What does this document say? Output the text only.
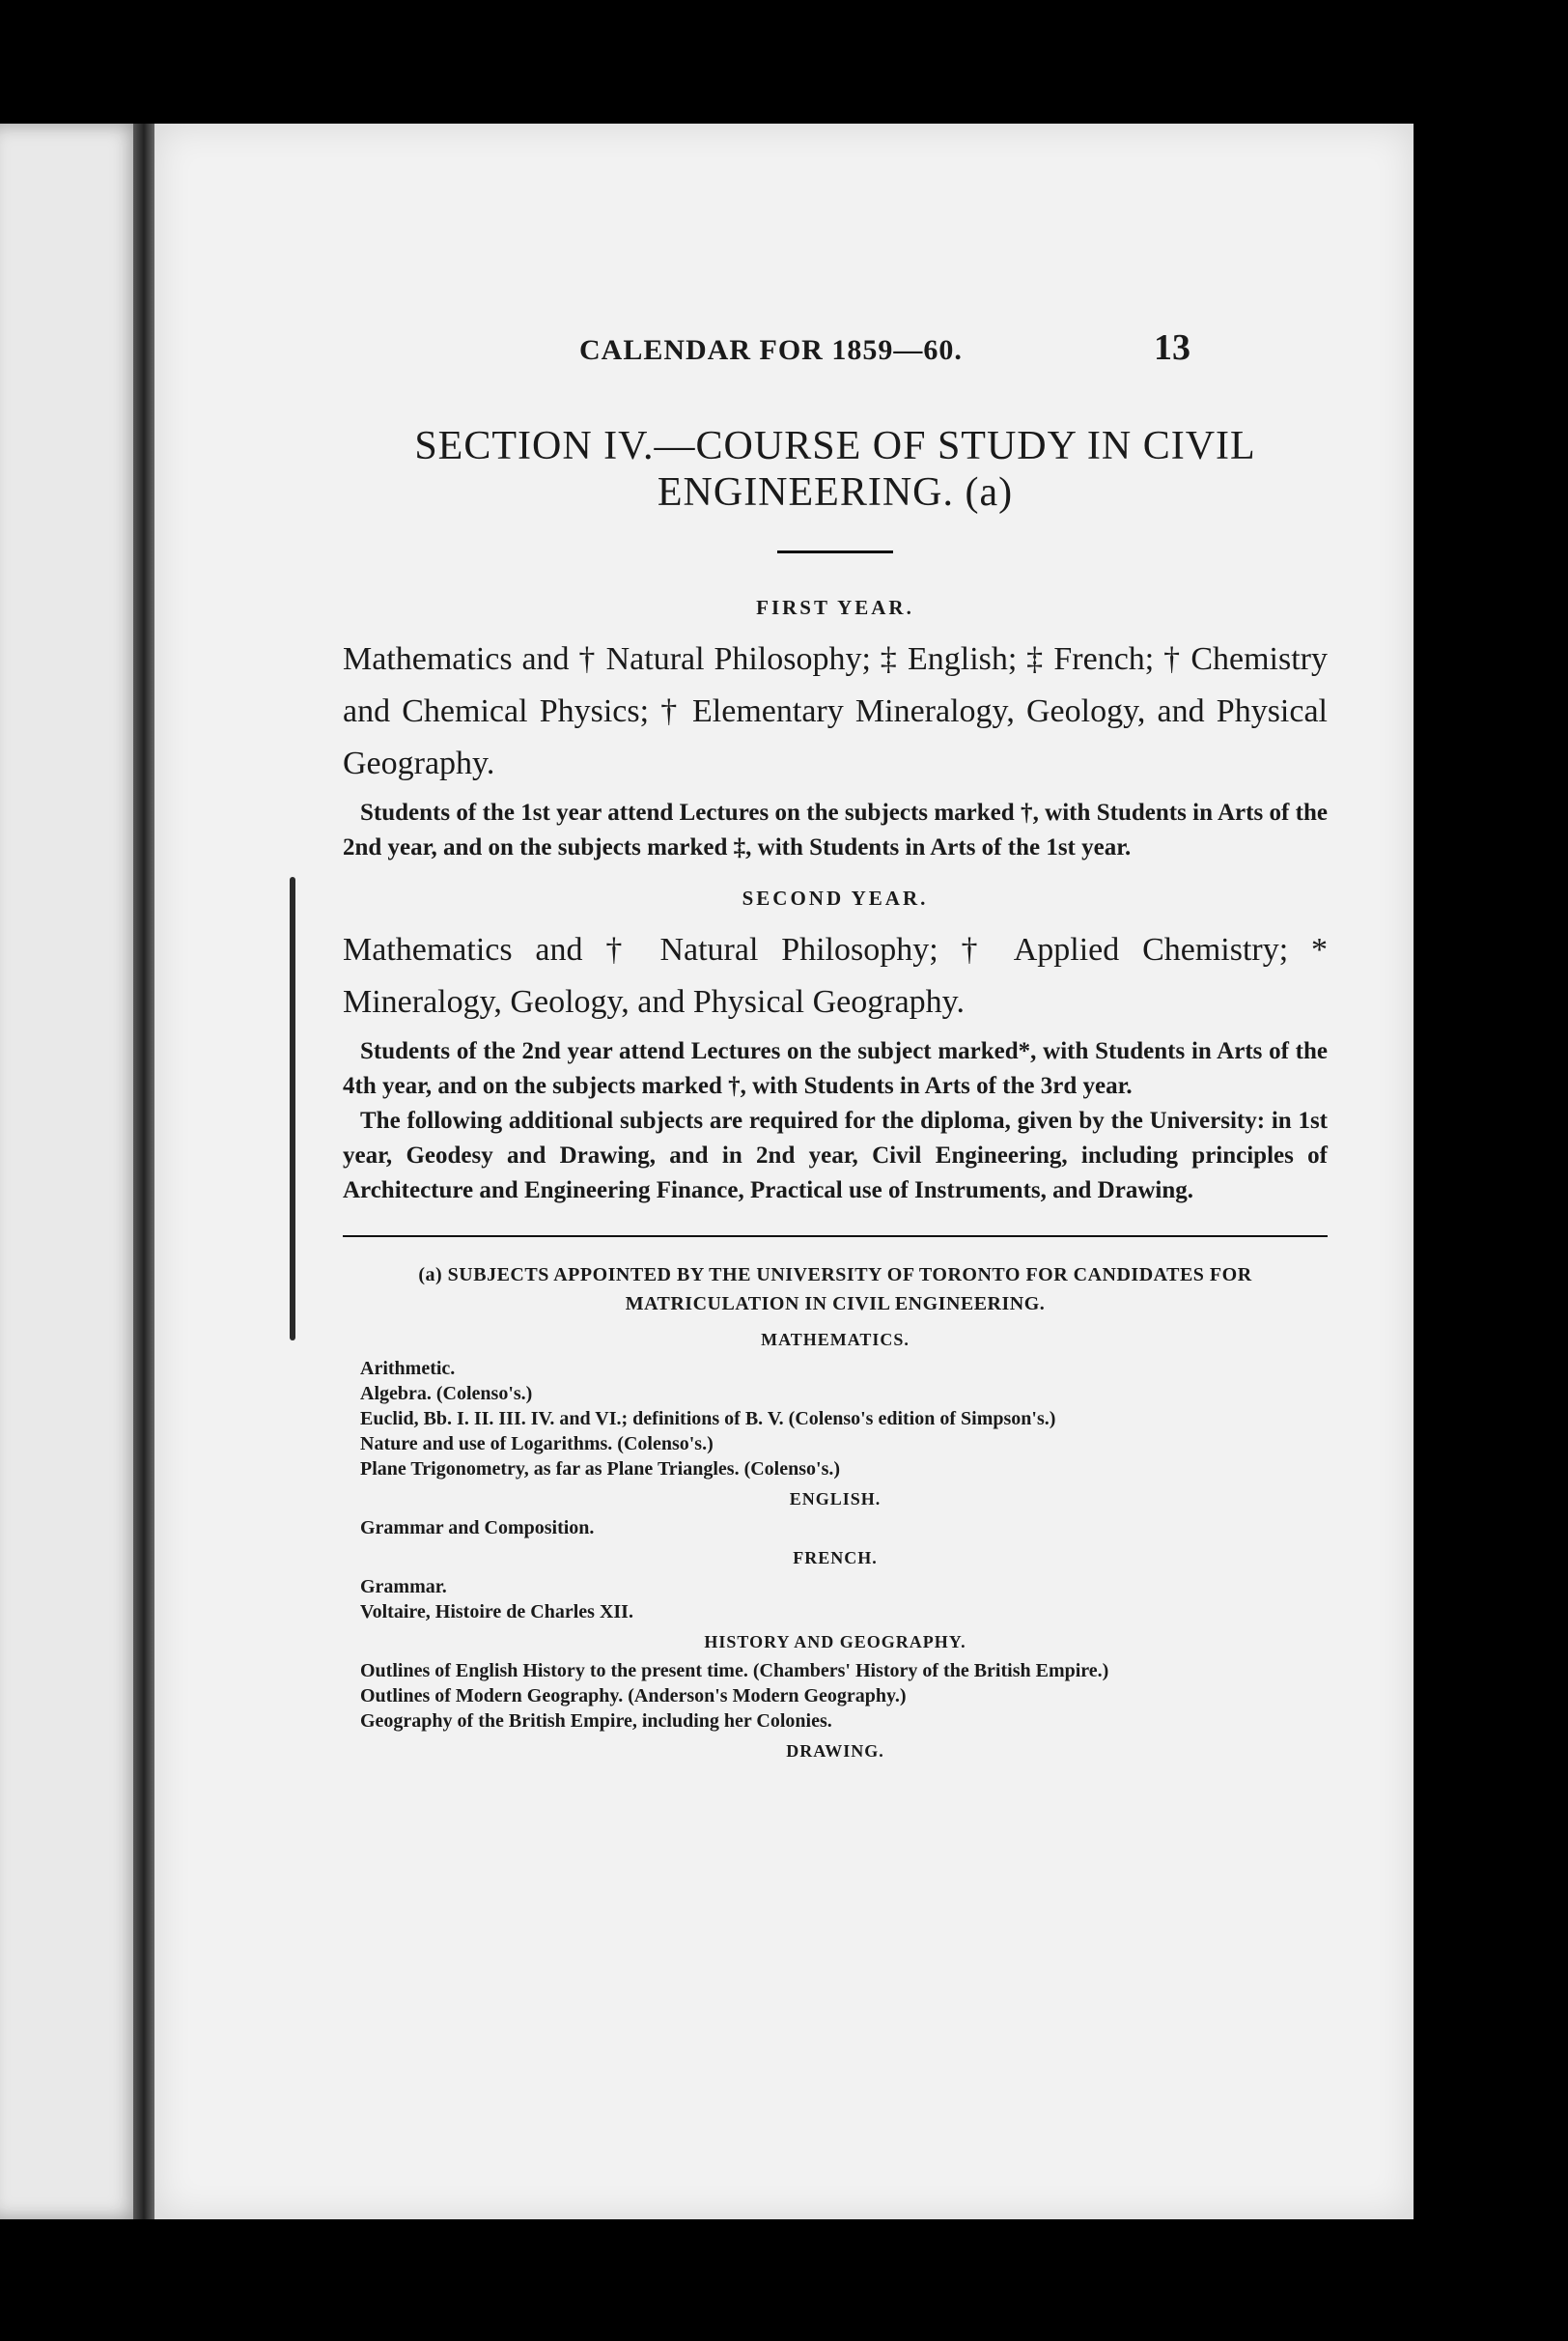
CALENDAR FOR 1859—60.	13
SECTION IV.—COURSE OF STUDY IN CIVIL
ENGINEERING. (a)

FIRST YEAR.

Mathematics and † Natural Philosophy; ‡ English; ‡ French; † Chemistry and Chemical Physics; † Elementary Mineralogy, Geology, and Physical Geography.

Students of the 1st year attend Lectures on the subjects marked †, with Students in Arts of the 2nd year, and on the subjects marked ‡, with Students in Arts of the 1st year.

SECOND YEAR.

Mathematics and † Natural Philosophy; † Applied Chemistry; * Mineralogy, Geology, and Physical Geography.

Students of the 2nd year attend Lectures on the subject marked*, with Students in Arts of the 4th year, and on the subjects marked †, with Students in Arts of the 3rd year.

The following additional subjects are required for the diploma, given by the University: in 1st year, Geodesy and Drawing, and in 2nd year, Civil Engineering, including principles of Architecture and Engineering Finance, Practical use of Instruments, and Drawing.

(a) SUBJECTS APPOINTED BY THE UNIVERSITY OF TORONTO FOR CANDIDATES FOR MATRICULATION IN CIVIL ENGINEERING.

MATHEMATICS.

Arithmetic.

Algebra. (Colenso's.)

Euclid, Bb. I. II. III. IV. and VI.; definitions of B. V. (Colenso's edition of Simpson's.)

Nature and use of Logarithms. (Colenso's.)

Plane Trigonometry, as far as Plane Triangles. (Colenso's.)

ENGLISH.

Grammar and Composition.

FRENCH.

Grammar.

Voltaire, Histoire de Charles XII.

HISTORY AND GEOGRAPHY.

Outlines of English History to the present time. (Chambers' History of the British Empire.)

Outlines of Modern Geography. (Anderson's Modern Geography.)

Geography of the British Empire, including her Colonies.

DRAWING.
